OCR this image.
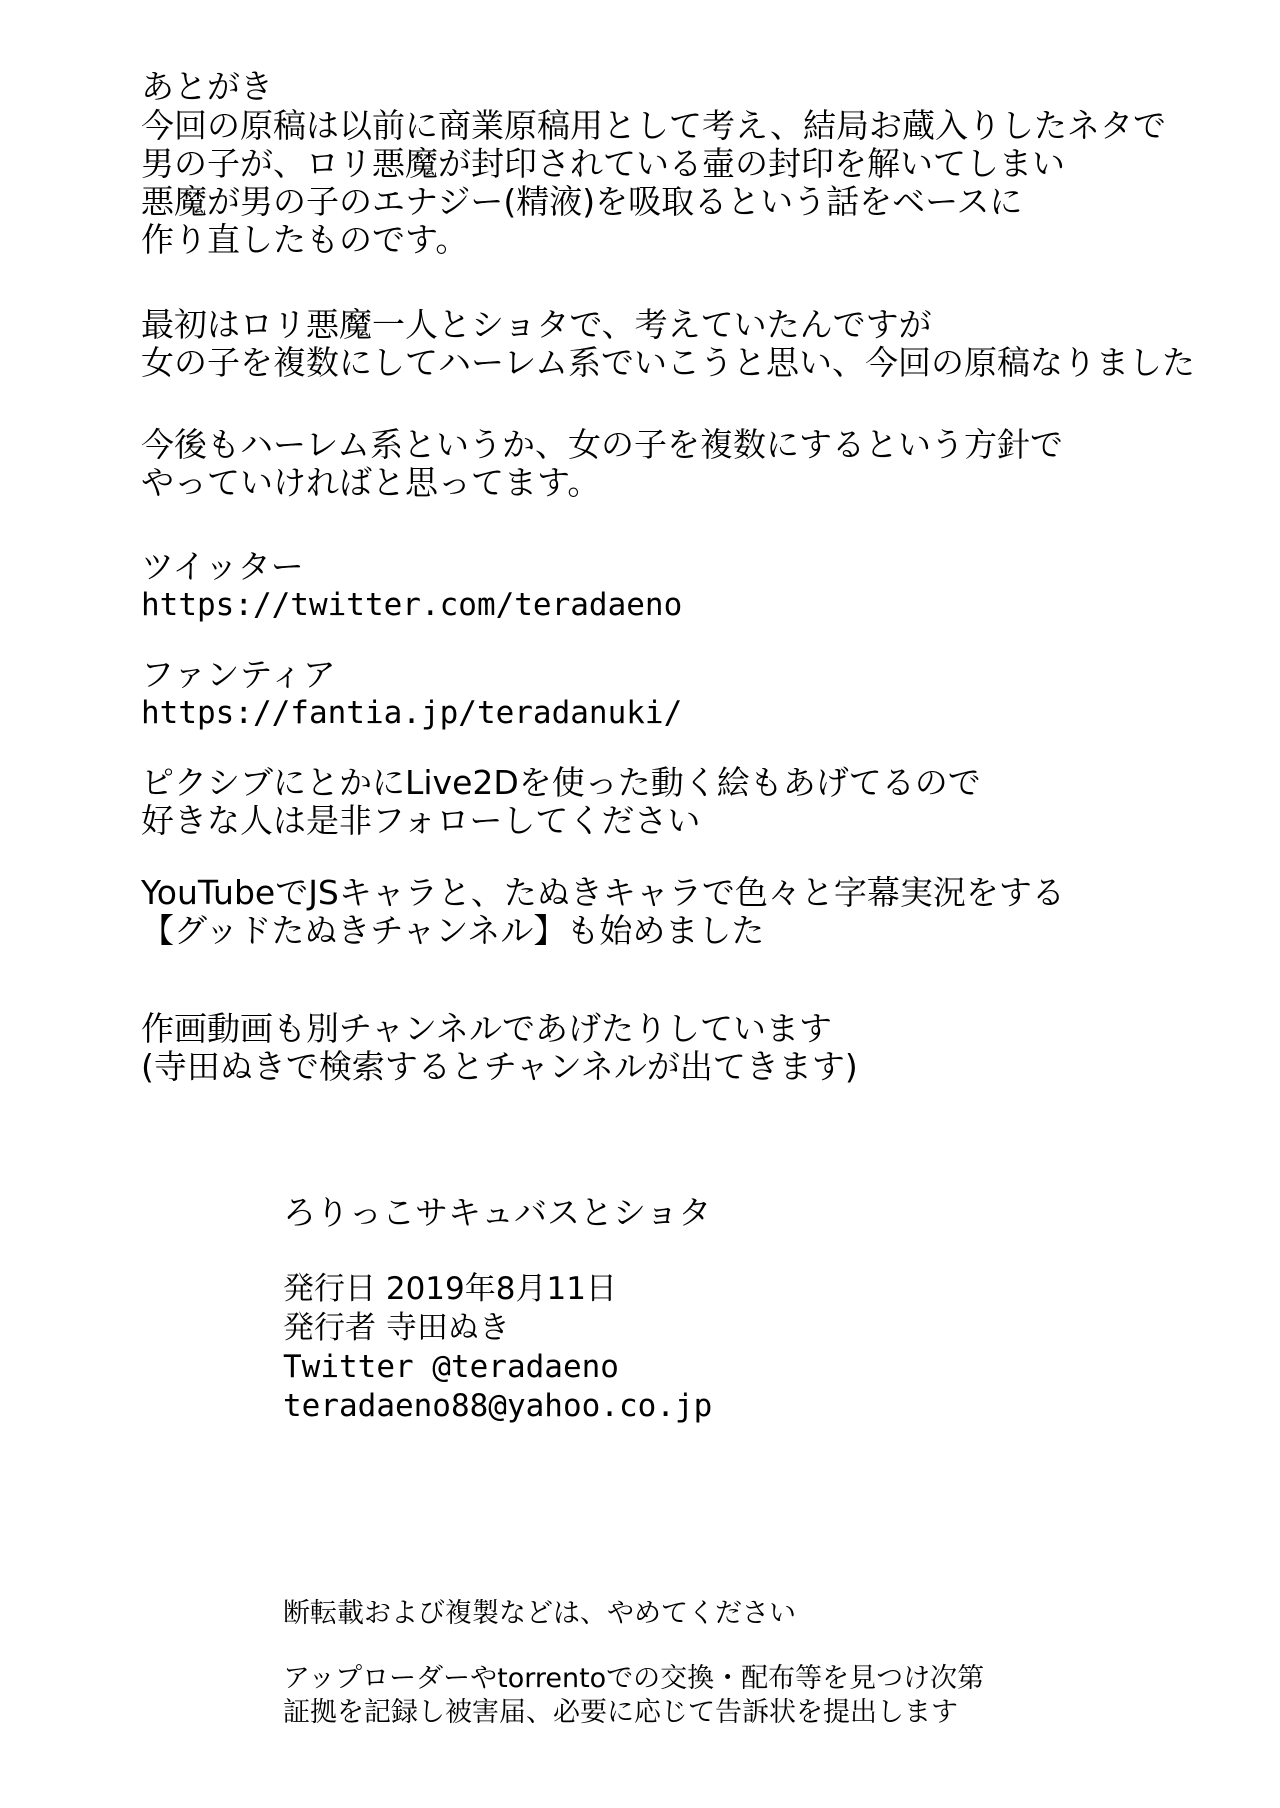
あとがき
今回の原稿は以前に商業原稿用として考え、結局お蔵入りしたネタで
男の子が、ロリ悪魔が封印されている壷の封印を解いてしまい
悪魔が男の子のエナジー(精液)を吸取るという話をベースに
作り直したものです。
最初はロリ悪魔一人とショタで、考えていたんですが
女の子を複数にしてハーレム系でいこうと思い、今回の原稿なりました
今後もハーレム系というか、女の子を複数にするという方針で
やっていければと思ってます。
ツイッター
https://twitter.com/teradaeno
ファンティア
https://fantia.jp/teradanuki/
ピクシブにとかにLive2Dを使った動く絵もあげてるので
好きな人は是非フォローしてください
YouTubeでJSキャラと、たぬきキャラで色々と字幕実況をする
【グッドたぬきチャンネル】も始めました
作画動画も別チャンネルであげたりしています
(寺田ぬきで検索するとチャンネルが出てきます)
ろりっこサキュバスとショタ
発行日 2019年8月11日
発行者 寺田ぬき
Twitter @teradaeno
teradaeno88@yahoo.co.jp
断転載および複製などは、やめてください
アップローダーやtorrentoでの交換・配布等を見つけ次第
証拠を記録し被害届、必要に応じて告訴状を提出します
